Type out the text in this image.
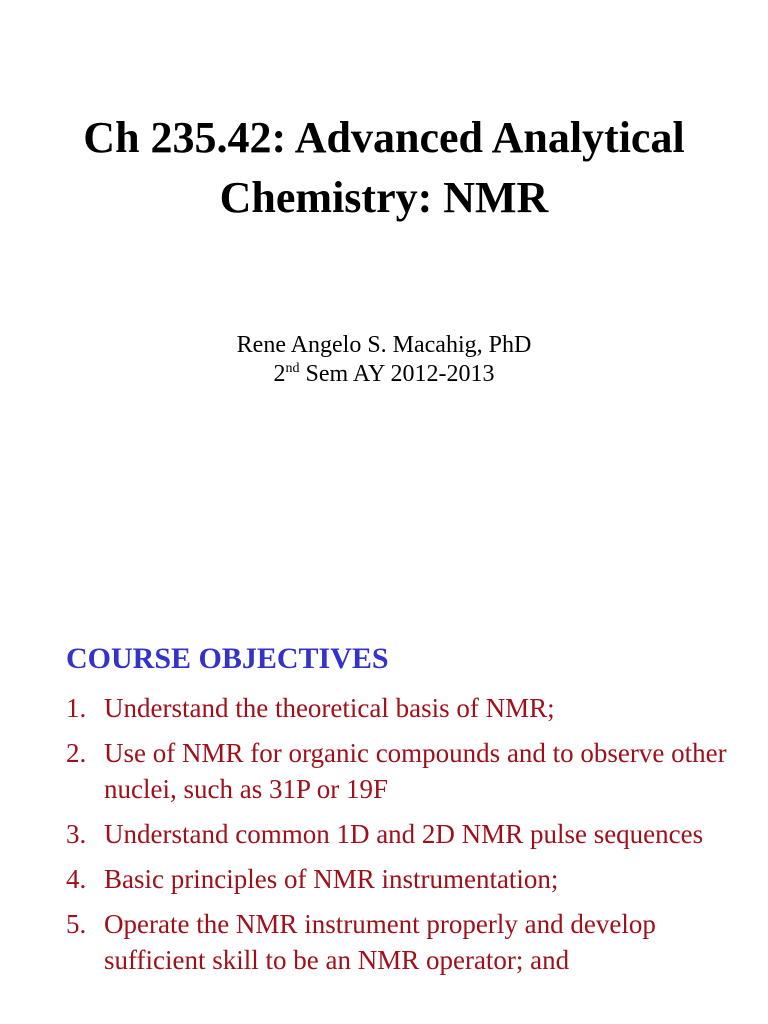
Ch 235.42: Advanced Analytical
Chemistry: NMR
Rene Angelo S. Macahig, PhD
2nd Sem AY 2012-2013
COURSE OBJECTIVES
1. Understand the theoretical basis of NMR;
2. Use of NMR for organic compounds and to observe other nuclei, such as 31P or 19F
3. Understand common 1D and 2D NMR pulse sequences
4. Basic principles of NMR instrumentation;
5. Operate the NMR instrument properly and develop sufficient skill to be an NMR operator; and
